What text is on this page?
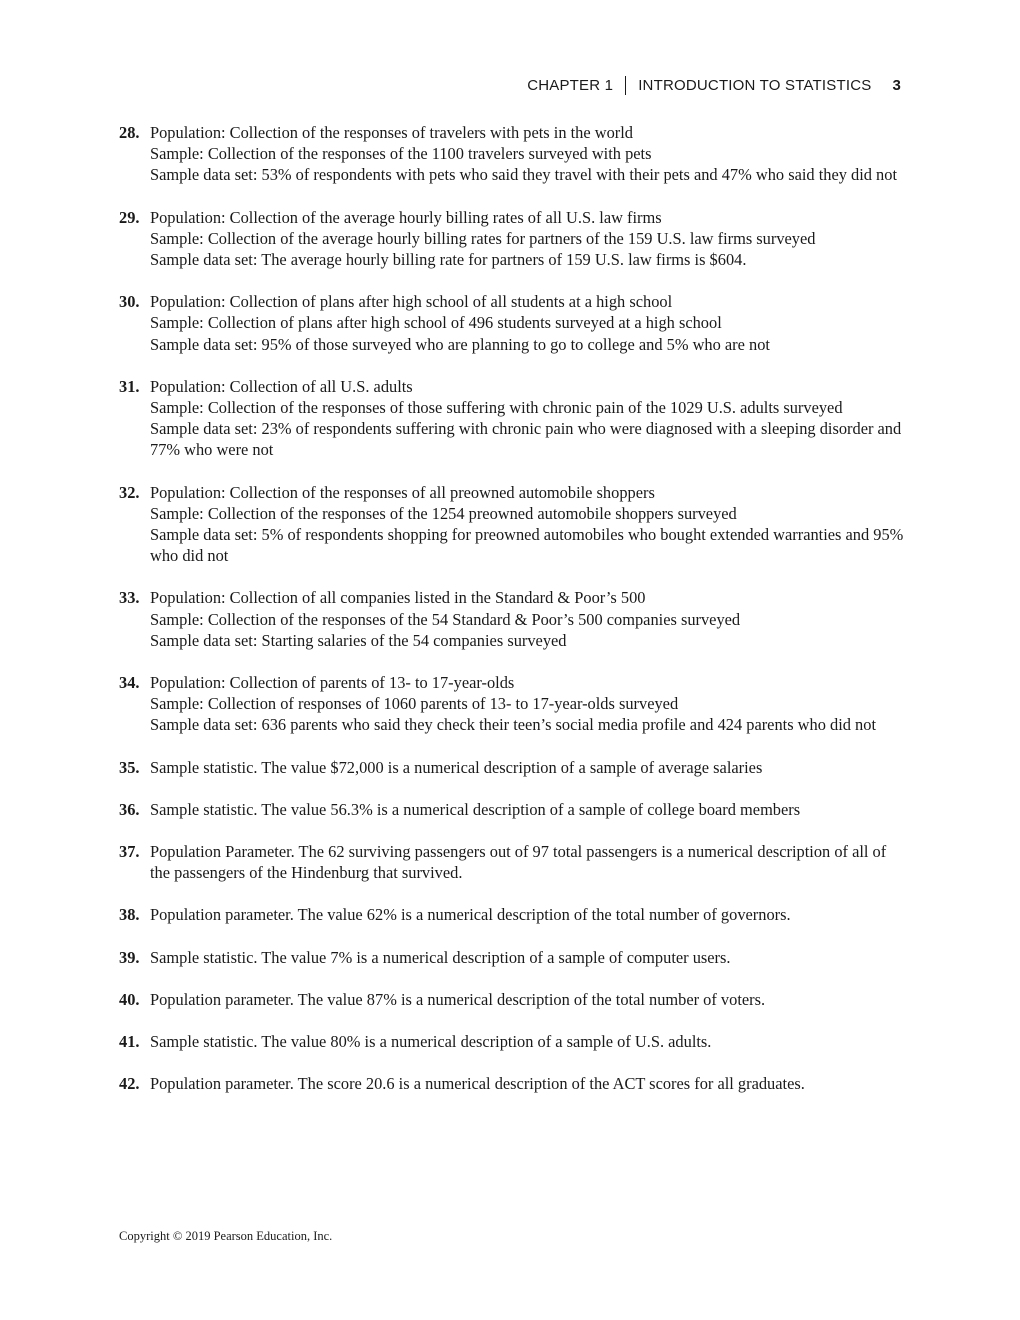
CHAPTER 1 INTRODUCTION TO STATISTICS 3
28. Population: Collection of the responses of travelers with pets in the world
Sample: Collection of the responses of the 1100 travelers surveyed with pets
Sample data set: 53% of respondents with pets who said they travel with their pets and 47% who said they did not
29. Population: Collection of the average hourly billing rates of all U.S. law firms
Sample: Collection of the average hourly billing rates for partners of the 159 U.S. law firms surveyed
Sample data set: The average hourly billing rate for partners of 159 U.S. law firms is $604.
30. Population: Collection of plans after high school of all students at a high school
Sample: Collection of plans after high school of 496 students surveyed at a high school
Sample data set: 95% of those surveyed who are planning to go to college and 5% who are not
31. Population: Collection of all U.S. adults
Sample: Collection of the responses of those suffering with chronic pain of the 1029 U.S. adults surveyed
Sample data set: 23% of respondents suffering with chronic pain who were diagnosed with a sleeping disorder and 77% who were not
32. Population: Collection of the responses of all preowned automobile shoppers
Sample: Collection of the responses of the 1254 preowned automobile shoppers surveyed
Sample data set: 5% of respondents shopping for preowned automobiles who bought extended warranties and 95% who did not
33. Population: Collection of all companies listed in the Standard & Poor’s 500
Sample: Collection of the responses of the 54 Standard & Poor’s 500 companies surveyed
Sample data set: Starting salaries of the 54 companies surveyed
34. Population: Collection of parents of 13- to 17-year-olds
Sample: Collection of responses of 1060 parents of 13- to 17-year-olds surveyed
Sample data set: 636 parents who said they check their teen’s social media profile and 424 parents who did not
35. Sample statistic. The value $72,000 is a numerical description of a sample of average salaries
36. Sample statistic. The value 56.3% is a numerical description of a sample of college board members
37. Population Parameter. The 62 surviving passengers out of 97 total passengers is a numerical description of all of the passengers of the Hindenburg that survived.
38. Population parameter. The value 62% is a numerical description of the total number of governors.
39. Sample statistic. The value 7% is a numerical description of a sample of computer users.
40. Population parameter. The value 87% is a numerical description of the total number of voters.
41. Sample statistic. The value 80% is a numerical description of a sample of U.S. adults.
42. Population parameter. The score 20.6 is a numerical description of the ACT scores for all graduates.
Copyright © 2019 Pearson Education, Inc.
